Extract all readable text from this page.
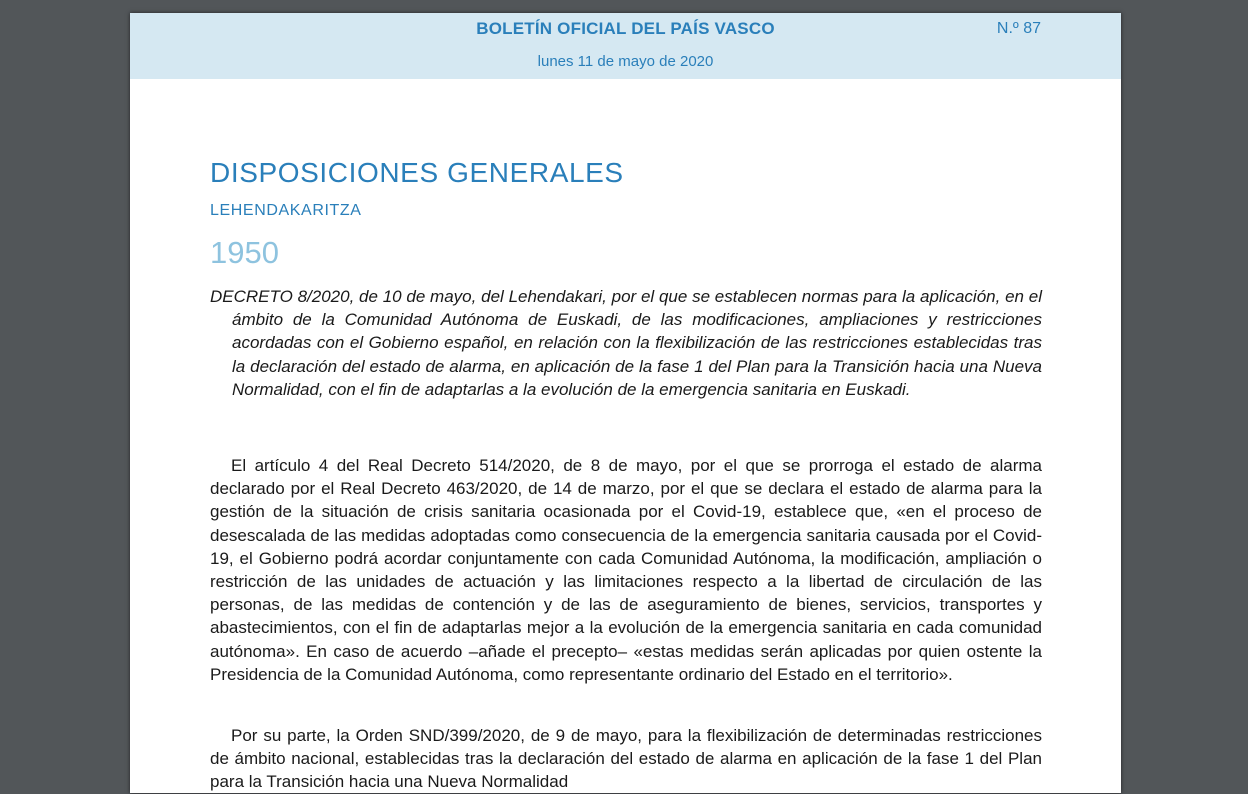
BOLETÍN OFICIAL DEL PAÍS VASCO	N.º 87
lunes 11 de mayo de 2020
DISPOSICIONES GENERALES
LEHENDAKARITZA
1950

DECRETO 8/2020, de 10 de mayo, del Lehendakari, por el que se establecen normas para la aplicación, en el ámbito de la Comunidad Autónoma de Euskadi, de las modificaciones, ampliaciones y restricciones acordadas con el Gobierno español, en relación con la flexibilización de las restricciones establecidas tras la declaración del estado de alarma, en aplicación de la fase 1 del Plan para la Transición hacia una Nueva Normalidad, con el fin de adaptarlas a la evolución de la emergencia sanitaria en Euskadi.

El artículo 4 del Real Decreto 514/2020, de 8 de mayo, por el que se prorroga el estado de alarma declarado por el Real Decreto 463/2020, de 14 de marzo, por el que se declara el estado de alarma para la gestión de la situación de crisis sanitaria ocasionada por el Covid-19, establece que, «en el proceso de desescalada de las medidas adoptadas como consecuencia de la emergencia sanitaria causada por el Covid-19, el Gobierno podrá acordar conjuntamente con cada Comunidad Autónoma, la modificación, ampliación o restricción de las unidades de actuación y las limitaciones respecto a la libertad de circulación de las personas, de las medidas de contención y de las de aseguramiento de bienes, servicios, transportes y abastecimientos, con el fin de adaptarlas mejor a la evolución de la emergencia sanitaria en cada comunidad autónoma». En caso de acuerdo –añade el precepto– «estas medidas serán aplicadas por quien ostente la Presidencia de la Comunidad Autónoma, como representante ordinario del Estado en el territorio».

Por su parte, la Orden SND/399/2020, de 9 de mayo, para la flexibilización de determinadas restricciones de ámbito nacional, establecidas tras la declaración del estado de alarma en aplicación de la fase 1 del Plan para la Transición hacia una Nueva Normalidad
